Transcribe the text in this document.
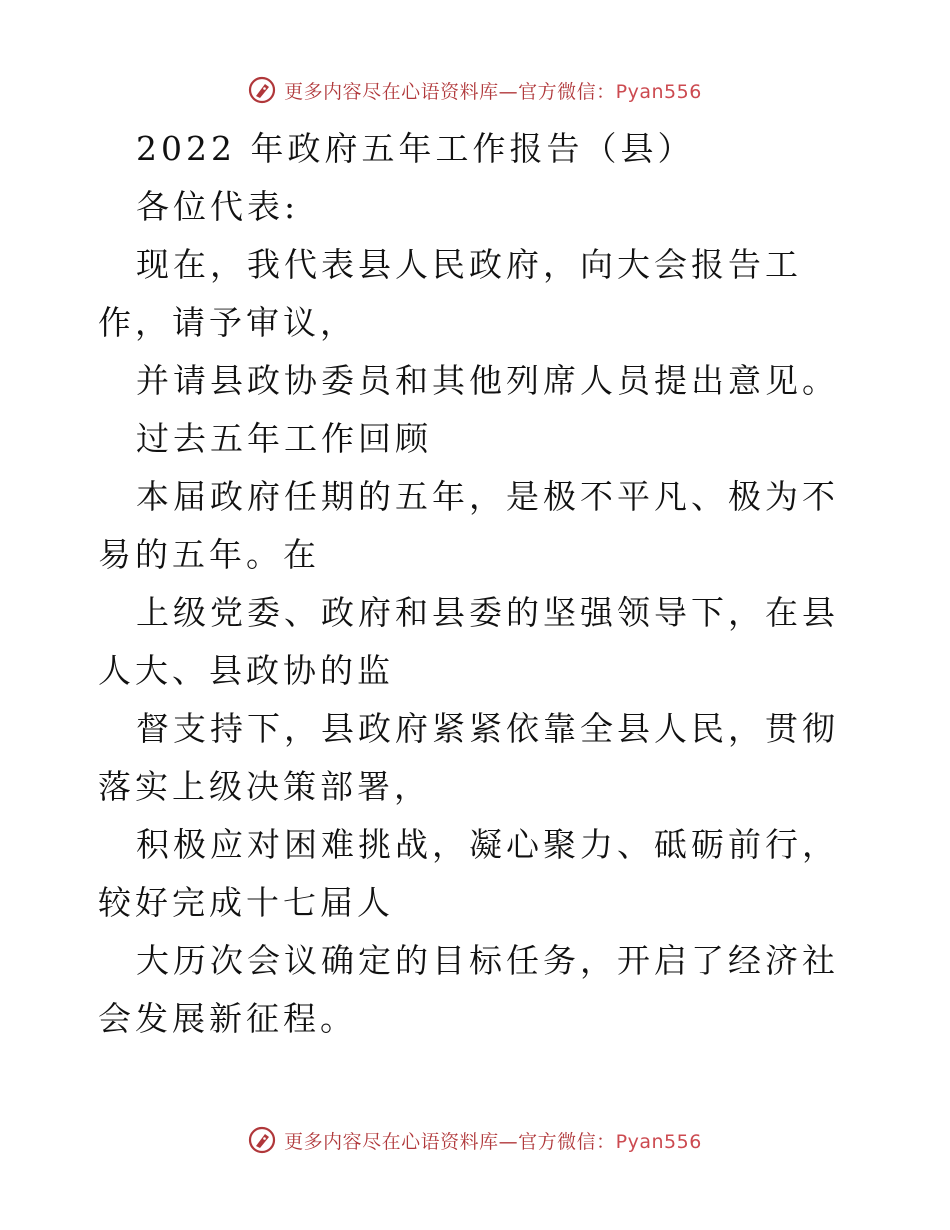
更多内容尽在心语资料库—官方微信：Pyan556

2022 年政府五年工作报告（县）

各位代表:

现在，我代表县人民政府，向大会报告工作，请予审议，

并请县政协委员和其他列席人员提出意见。

过去五年工作回顾

本届政府任期的五年，是极不平凡、极为不易的五年。在

上级党委、政府和县委的坚强领导下，在县人大、县政协的监

督支持下，县政府紧紧依靠全县人民，贯彻落实上级决策部署，

积极应对困难挑战，凝心聚力、砥砺前行，较好完成十七届人

大历次会议确定的目标任务，开启了经济社会发展新征程。

更多内容尽在心语资料库—官方微信：Pyan556
